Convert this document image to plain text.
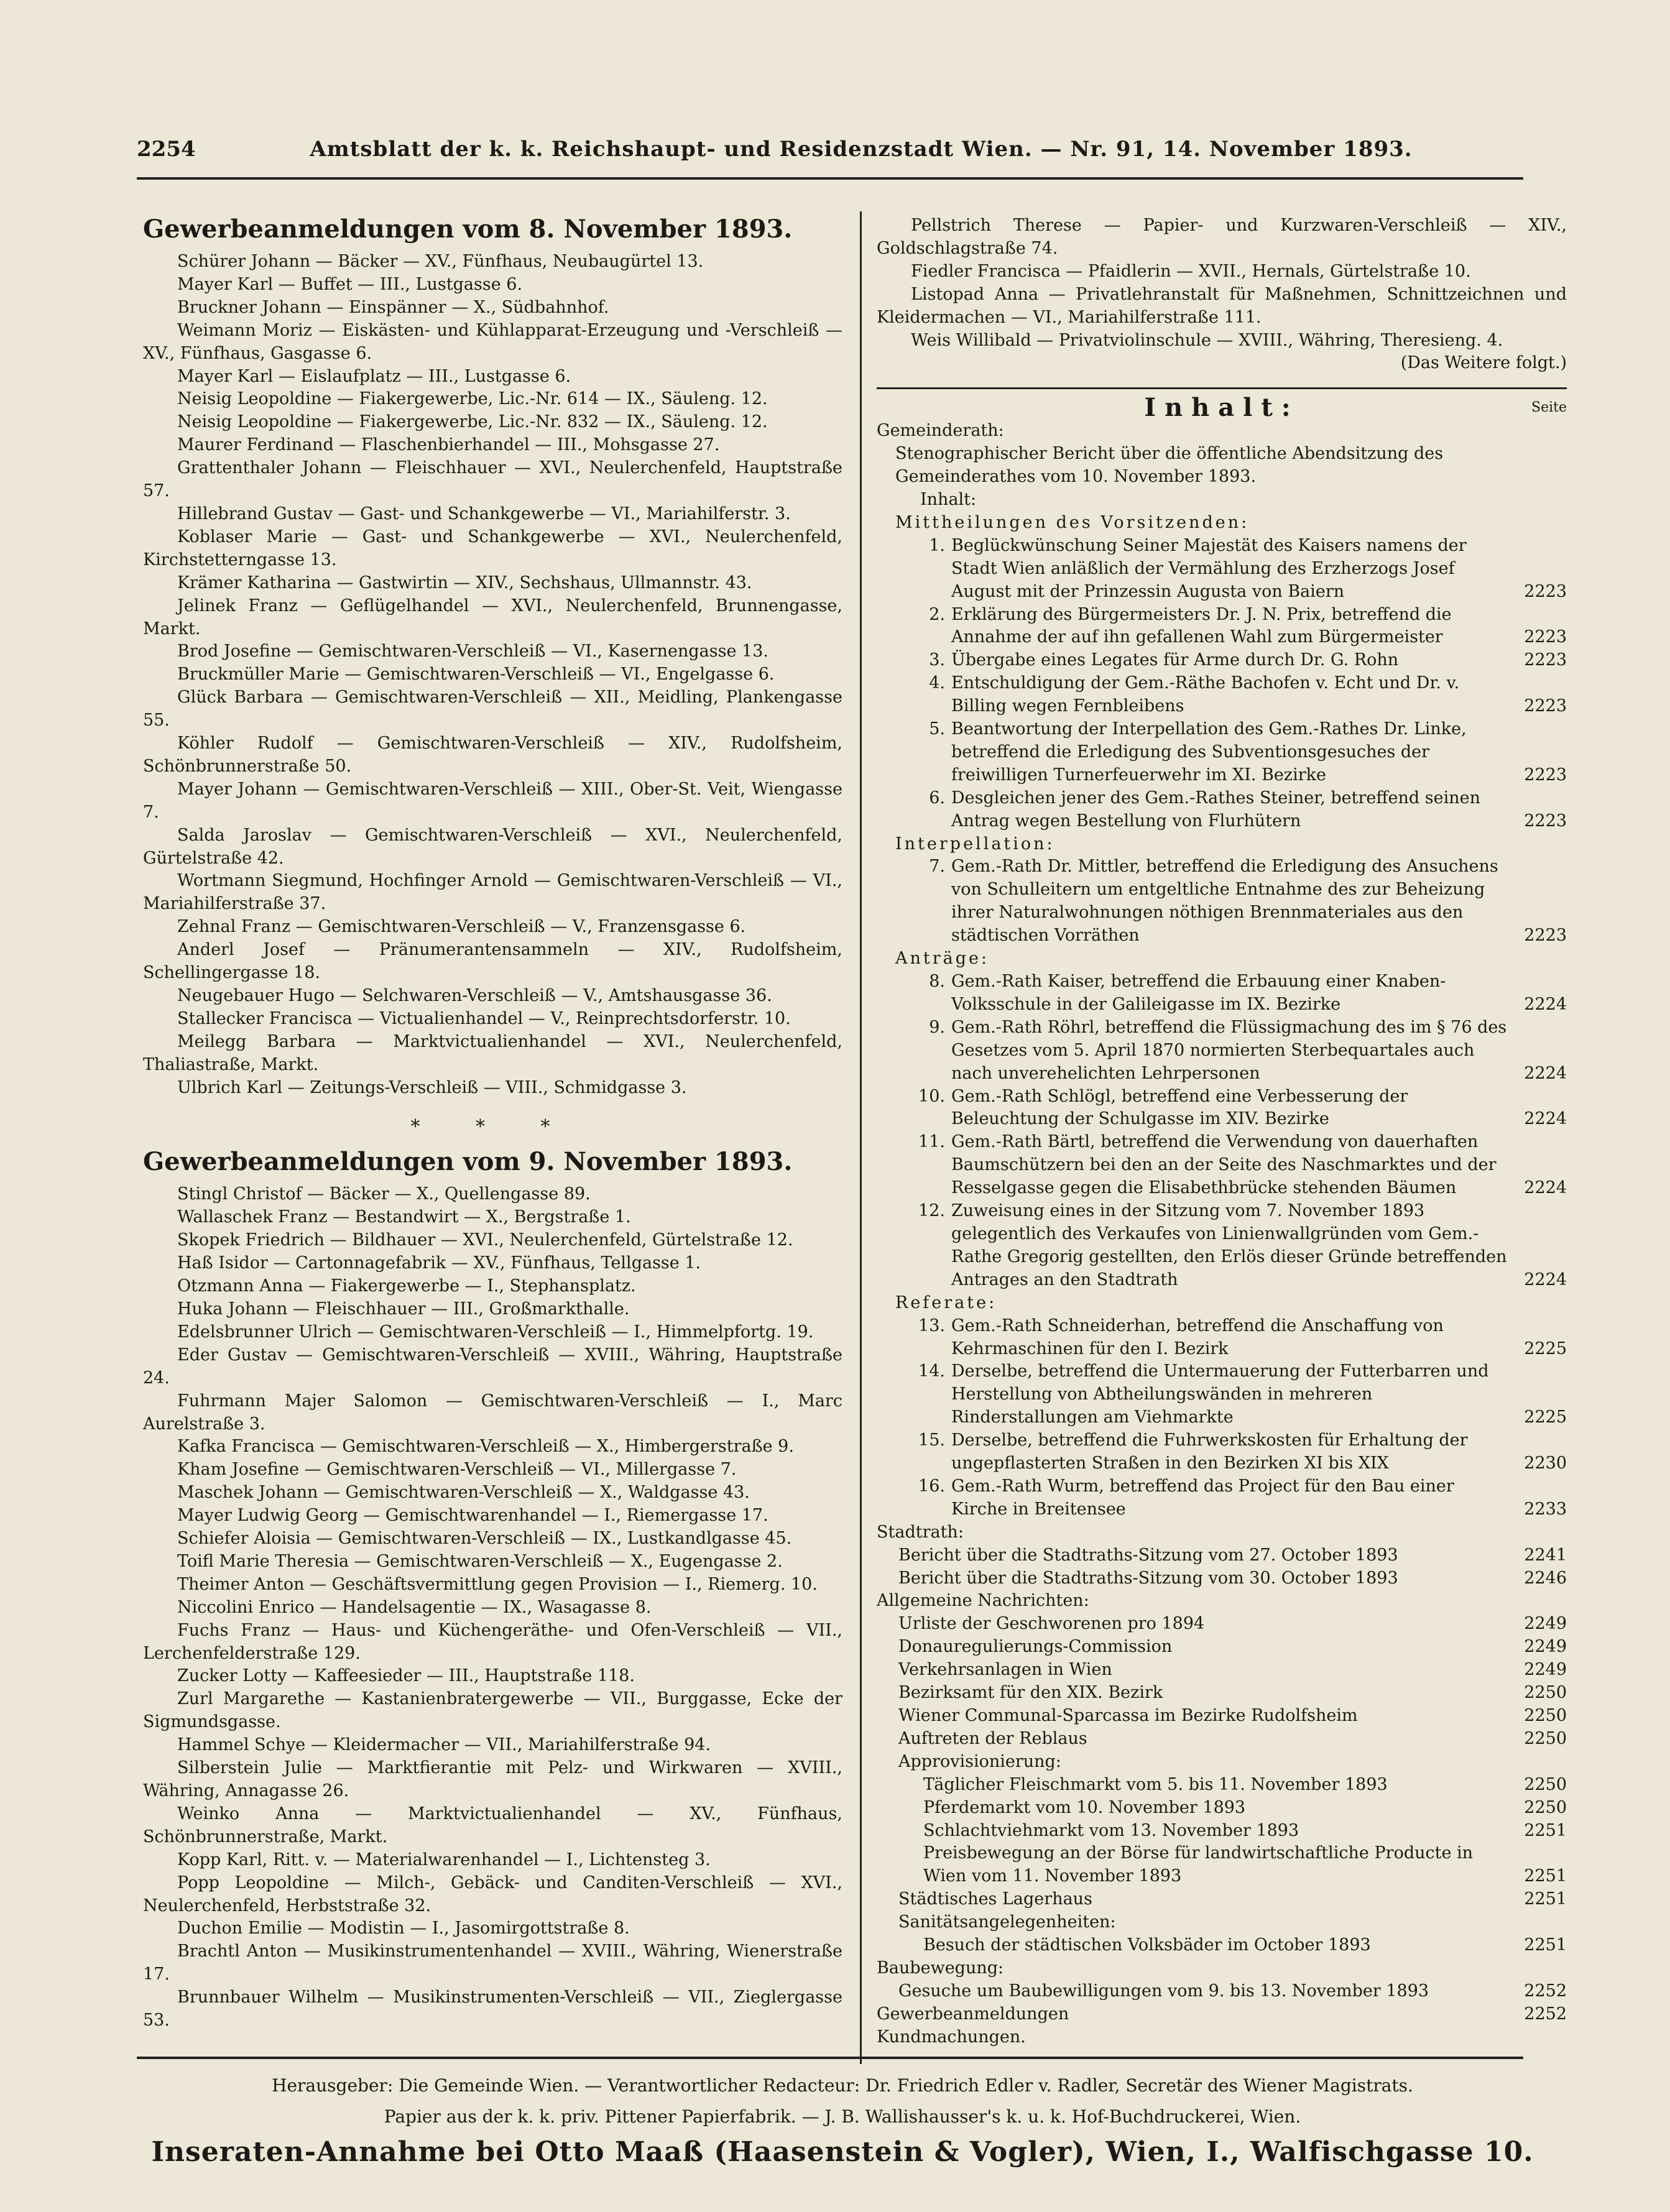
2254	Amtsblatt der k. k. Reichshaupt- und Residenzstadt Wien. — Nr. 91, 14. November 1893.
Gewerbeanmeldungen vom 8. November 1893.

Schürer Johann — Bäcker — XV., Fünfhaus, Neubaugürtel 13.

Mayer Karl — Buffet — III., Lustgasse 6.

Bruckner Johann — Einspänner — X., Südbahnhof.

Weimann Moriz — Eiskästen- und Kühlapparat-Erzeugung und -Verschleiß — XV., Fünfhaus, Gasgasse 6.

Mayer Karl — Eislaufplatz — III., Lustgasse 6.

Neisig Leopoldine — Fiakergewerbe, Lic.-Nr. 614 — IX., Säuleng. 12.

Neisig Leopoldine — Fiakergewerbe, Lic.-Nr. 832 — IX., Säuleng. 12.

Maurer Ferdinand — Flaschenbierhandel — III., Mohsgasse 27.

Grattenthaler Johann — Fleischhauer — XVI., Neulerchenfeld, Hauptstraße 57.

Hillebrand Gustav — Gast- und Schankgewerbe — VI., Mariahilferstr. 3.

Koblaser Marie — Gast- und Schankgewerbe — XVI., Neulerchenfeld, Kirchstetterngasse 13.

Krämer Katharina — Gastwirtin — XIV., Sechshaus, Ullmannstr. 43.

Jelinek Franz — Geflügelhandel — XVI., Neulerchenfeld, Brunnengasse, Markt.

Brod Josefine — Gemischtwaren-Verschleiß — VI., Kasernengasse 13.

Bruckmüller Marie — Gemischtwaren-Verschleiß — VI., Engelgasse 6.

Glück Barbara — Gemischtwaren-Verschleiß — XII., Meidling, Plankengasse 55.

Köhler Rudolf — Gemischtwaren-Verschleiß — XIV., Rudolfsheim, Schönbrunnerstraße 50.

Mayer Johann — Gemischtwaren-Verschleiß — XIII., Ober-St. Veit, Wiengasse 7.

Salda Jaroslav — Gemischtwaren-Verschleiß — XVI., Neulerchenfeld, Gürtelstraße 42.

Wortmann Siegmund, Hochfinger Arnold — Gemischtwaren-Verschleiß — VI., Mariahilferstraße 37.

Zehnal Franz — Gemischtwaren-Verschleiß — V., Franzensgasse 6.

Anderl Josef — Pränumerantensammeln — XIV., Rudolfsheim, Schellingergasse 18.

Neugebauer Hugo — Selchwaren-Verschleiß — V., Amtshausgasse 36.

Stallecker Francisca — Victualienhandel — V., Reinprechtsdorferstr. 10.

Meilegg Barbara — Marktvictualienhandel — XVI., Neulerchenfeld, Thaliastraße, Markt.

Ulbrich Karl — Zeitungs-Verschleiß — VIII., Schmidgasse 3.

* * *
Gewerbeanmeldungen vom 9. November 1893.

Stingl Christof — Bäcker — X., Quellengasse 89.

Wallaschek Franz — Bestandwirt — X., Bergstraße 1.

Skopek Friedrich — Bildhauer — XVI., Neulerchenfeld, Gürtelstraße 12.

Haß Isidor — Cartonnagefabrik — XV., Fünfhaus, Tellgasse 1.

Otzmann Anna — Fiakergewerbe — I., Stephansplatz.

Huka Johann — Fleischhauer — III., Großmarkthalle.

Edelsbrunner Ulrich — Gemischtwaren-Verschleiß — I., Himmelpfortg. 19.

Eder Gustav — Gemischtwaren-Verschleiß — XVIII., Währing, Hauptstraße 24.

Fuhrmann Majer Salomon — Gemischtwaren-Verschleiß — I., Marc Aurelstraße 3.

Kafka Francisca — Gemischtwaren-Verschleiß — X., Himbergerstraße 9.

Kham Josefine — Gemischtwaren-Verschleiß — VI., Millergasse 7.

Maschek Johann — Gemischtwaren-Verschleiß — X., Waldgasse 43.

Mayer Ludwig Georg — Gemischtwarenhandel — I., Riemergasse 17.

Schiefer Aloisia — Gemischtwaren-Verschleiß — IX., Lustkandlgasse 45.

Toifl Marie Theresia — Gemischtwaren-Verschleiß — X., Eugengasse 2.

Theimer Anton — Geschäftsvermittlung gegen Provision — I., Riemerg. 10.

Niccolini Enrico — Handelsagentie — IX., Wasagasse 8.

Fuchs Franz — Haus- und Küchengeräthe- und Ofen-Verschleiß — VII., Lerchenfelderstraße 129.

Zucker Lotty — Kaffeesieder — III., Hauptstraße 118.

Zurl Margarethe — Kastanienbratergewerbe — VII., Burggasse, Ecke der Sigmundsgasse.

Hammel Schye — Kleidermacher — VII., Mariahilferstraße 94.

Silberstein Julie — Marktfierantie mit Pelz- und Wirkwaren — XVIII., Währing, Annagasse 26.

Weinko Anna — Marktvictualienhandel — XV., Fünfhaus, Schönbrunnerstraße, Markt.

Kopp Karl, Ritt. v. — Materialwarenhandel — I., Lichtensteg 3.

Popp Leopoldine — Milch-, Gebäck- und Canditen-Verschleiß — XVI., Neulerchenfeld, Herbststraße 32.

Duchon Emilie — Modistin — I., Jasomirgottstraße 8.

Brachtl Anton — Musikinstrumentenhandel — XVIII., Währing, Wienerstraße 17.

Brunnbauer Wilhelm — Musikinstrumenten-Verschleiß — VII., Zieglergasse 53.

Pellstrich Therese — Papier- und Kurzwaren-Verschleiß — XIV., Goldschlagstraße 74.

Fiedler Francisca — Pfaidlerin — XVII., Hernals, Gürtelstraße 10.

Listopad Anna — Privatlehranstalt für Maßnehmen, Schnittzeichnen und Kleidermachen — VI., Mariahilferstraße 111.

Weis Willibald — Privatviolinschule — XVIII., Währing, Theresieng. 4.

(Das Weitere folgt.)

Inhalt:	Seite

Gemeinderath:

Stenographischer Bericht über die öffentliche Abendsitzung des Gemeinderathes vom 10. November 1893.

Inhalt:

Mittheilungen des Vorsitzenden:

1. Beglückwünschung Seiner Majestät des Kaisers namens der Stadt Wien anläßlich der Vermählung des Erzherzogs Josef August mit der Prinzessin Augusta von Baiern	2223
2. Erklärung des Bürgermeisters Dr. J. N. Prix, betreffend die Annahme der auf ihn gefallenen Wahl zum Bürgermeister	2223
3. Übergabe eines Legates für Arme durch Dr. G. Rohn	2223
4. Entschuldigung der Gem.-Räthe Bachofen v. Echt und Dr. v. Billing wegen Fernbleibens	2223
5. Beantwortung der Interpellation des Gem.-Rathes Dr. Linke, betreffend die Erledigung des Subventionsgesuches der freiwilligen Turnerfeuerwehr im XI. Bezirke	2223
6. Desgleichen jener des Gem.-Rathes Steiner, betreffend seinen Antrag wegen Bestellung von Flurhütern	2223

Interpellation:

7. Gem.-Rath Dr. Mittler, betreffend die Erledigung des Ansuchens von Schulleitern um entgeltliche Entnahme des zur Beheizung ihrer Naturalwohnungen nöthigen Brennmateriales aus den städtischen Vorräthen	2223

Anträge:

8. Gem.-Rath Kaiser, betreffend die Erbauung einer Knaben-Volksschule in der Galileigasse im IX. Bezirke	2224
9. Gem.-Rath Röhrl, betreffend die Flüssigmachung des im § 76 des Gesetzes vom 5. April 1870 normierten Sterbequartales auch nach unverehelichten Lehrpersonen	2224
10. Gem.-Rath Schlögl, betreffend eine Verbesserung der Beleuchtung der Schulgasse im XIV. Bezirke	2224
11. Gem.-Rath Bärtl, betreffend die Verwendung von dauerhaften Baumschützern bei den an der Seite des Naschmarktes und der Resselgasse gegen die Elisabethbrücke stehenden Bäumen	2224
12. Zuweisung eines in der Sitzung vom 7. November 1893 gelegentlich des Verkaufes von Linienwallgründen vom Gem.-Rathe Gregorig gestellten, den Erlös dieser Gründe betreffenden Antrages an den Stadtrath	2224

Referate:

13. Gem.-Rath Schneiderhan, betreffend die Anschaffung von Kehrmaschinen für den I. Bezirk	2225
14. Derselbe, betreffend die Untermauerung der Futterbarren und Herstellung von Abtheilungswänden in mehreren Rinderstallungen am Viehmarkte	2225
15. Derselbe, betreffend die Fuhrwerkskosten für Erhaltung der ungepflasterten Straßen in den Bezirken XI bis XIX	2230
16. Gem.-Rath Wurm, betreffend das Project für den Bau einer Kirche in Breitensee	2233

Stadtrath:

Bericht über die Stadtraths-Sitzung vom 27. October 1893	2241
Bericht über die Stadtraths-Sitzung vom 30. October 1893	2246

Allgemeine Nachrichten:

Urliste der Geschworenen pro 1894	2249
Donauregulierungs-Commission	2249
Verkehrsanlagen in Wien	2249
Bezirksamt für den XIX. Bezirk	2250
Wiener Communal-Sparcassa im Bezirke Rudolfsheim	2250
Auftreten der Reblaus	2250

Approvisionierung:

Täglicher Fleischmarkt vom 5. bis 11. November 1893	2250
Pferdemarkt vom 10. November 1893	2250
Schlachtviehmarkt vom 13. November 1893	2251
Preisbewegung an der Börse für landwirtschaftliche Producte in Wien vom 11. November 1893	2251
Städtisches Lagerhaus	2251

Sanitätsangelegenheiten:

Besuch der städtischen Volksbäder im October 1893	2251

Baubewegung:

Gesuche um Baubewilligungen vom 9. bis 13. November 1893	2252
Gewerbeanmeldungen	2252

Kundmachungen.

Herausgeber: Die Gemeinde Wien. — Verantwortlicher Redacteur: Dr. Friedrich Edler v. Radler, Secretär des Wiener Magistrats.
Papier aus der k. k. priv. Pittener Papierfabrik. — J. B. Wallishausser's k. u. k. Hof-Buchdruckerei, Wien.
Inseraten-Annahme bei Otto Maaß (Haasenstein & Vogler), Wien, I., Walfischgasse 10.
